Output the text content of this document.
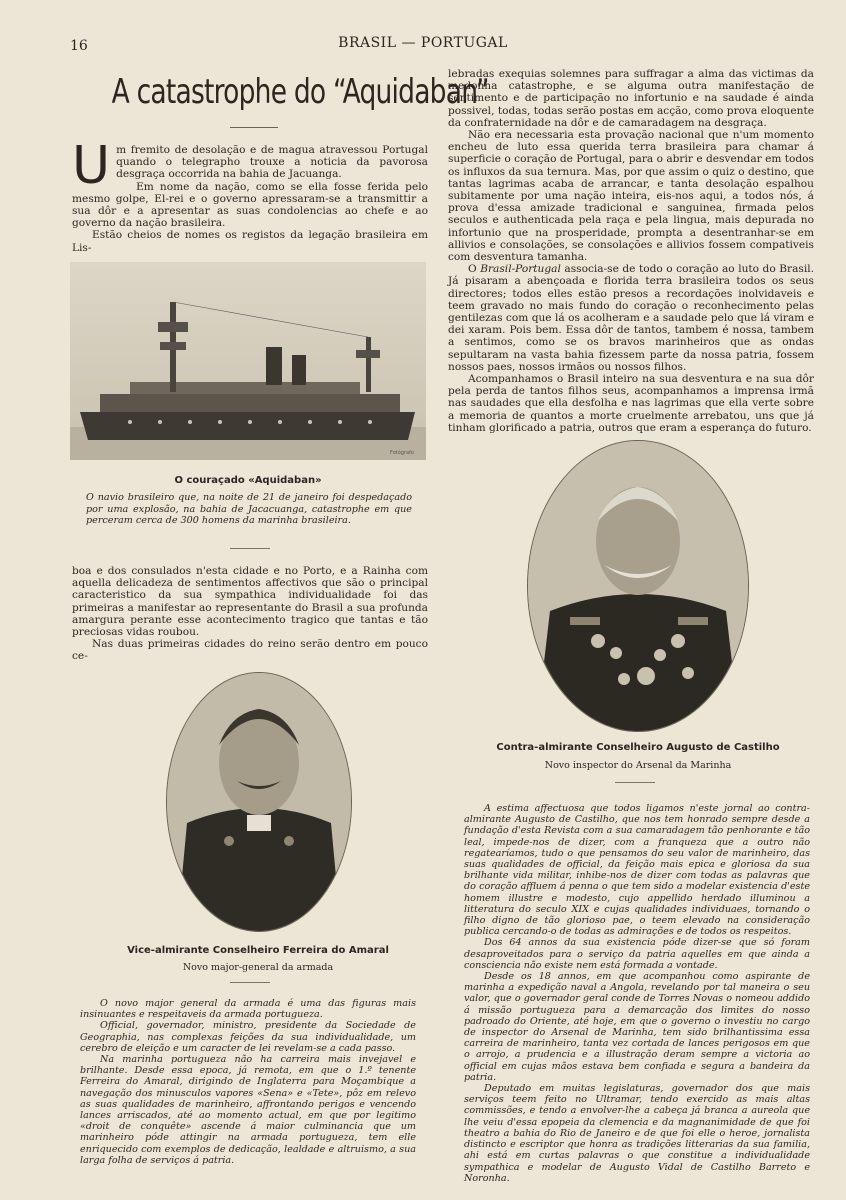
16	BRASIL — PORTUGAL
A catastrophe do “Aquidaban”

Um fremito de desolação e de magua atravessou Portugal quando o telegrapho trouxe a noticia da pavorosa desgraça occorrida na bahia de Jacuanga.

Em nome da nação, como se ella fosse ferida pelo mesmo golpe, El-rei e o governo apressaram-se a transmittir a sua dôr e a apresentar as suas condolencias ao chefe e ao governo da nação brasileira.

Estão cheios de nomes os registos da legação brasileira em Lis-

Fotógrafo
O couraçado «Aquidaban»
O navio brasileiro que, na noite de 21 de janeiro foi despedaçado por uma explosão, na bahia de Jacacuanga, catastrophe em que perceram cerca de 300 homens da marinha brasileira.

boa e dos consulados n'esta cidade e no Porto, e a Rainha com aquella delicadeza de sentimentos affectivos que são o principal caracteristico da sua sympathica individualidade foi das primeiras a manifestar ao representante do Brasil a sua profunda amargura perante esse acontecimento tragico que tantas e tão preciosas vidas roubou.

Nas duas primeiras cidades do reino serão dentro em pouco ce-

Vice-almirante Conselheiro Ferreira do Amaral
Novo major-general da armada

O novo major general da armada é uma das figuras mais insinuantes e respeitaveis da armada portugueza.

Official, governador, ministro, presidente da Sociedade de Geographia, nas complexas feições da sua individualidade, um cerebro de eleição e um caracter de lei revelam-se a cada passo.

Na marinha portugueza não ha carreira mais invejavel e brilhante. Desde essa epoca, já remota, em que o 1.º tenente Ferreira do Amaral, dirigindo de Inglaterra para Moçambique a navegação dos minusculos vapores «Sena» e «Tete», pôz em relevo as suas qualidades de marinheiro, affrontando perigos e vencendo lances arriscados, até ao momento actual, em que por legitimo «droit de conquête» ascende á maior culminancia que um marinheiro póde attingir na armada portugueza, tem elle enriquecido com exemplos de dedicação, lealdade e altruismo, a sua larga folha de serviços á patria.

lebradas exequias solemnes para suffragar a alma das victimas da medonha catastrophe, e se alguma outra manifestação de sentimento e de participação no infortunio e na saudade é ainda possivel, todas, todas serão postas em acção, como prova eloquente da confraternidade na dôr e de camaradagem na desgraça.

Não era necessaria esta provação nacional que n'um momento encheu de luto essa querida terra brasileira para chamar á superficie o coração de Portugal, para o abrir e desvendar em todos os influxos da sua ternura. Mas, por que assim o quiz o destino, que tantas lagrimas acaba de arrancar, e tanta desolação espalhou subitamente por uma nação inteira, eis-nos aqui, a todos nós, á prova d'essa amizade tradicional e sanguinea, firmada pelos seculos e authenticada pela raça e pela lingua, mais depurada no infortunio que na prosperidade, prompta a desentranhar-se em allivios e consolações, se consolações e allivios fossem compativeis com desventura tamanha.

O Brasil-Portugal associa-se de todo o coração ao luto do Brasil. Já pisaram a abençoada e florida terra brasileira todos os seus directores; todos elles estão presos a recordações inolvidaveis e teem gravado no mais fundo do coração o reconhecimento pelas gentilezas com que lá os acolheram e a saudade pelo que lá viram e dei xaram. Pois bem. Essa dôr de tantos, tambem é nossa, tambem a sentimos, como se os bravos marinheiros que as ondas sepultaram na vasta bahia fizessem parte da nossa patria, fossem nossos paes, nossos irmãos ou nossos filhos.

Acompanhamos o Brasil inteiro na sua desventura e na sua dôr pela perda de tantos filhos seus, acompanhamos a imprensa irmã nas saudades que ella desfolha e nas lagrimas que ella verte sobre a memoria de quantos a morte cruelmente arrebatou, uns que já tinham glorificado a patria, outros que eram a esperança do futuro.

Contra-almirante Conselheiro Augusto de Castilho
Novo inspector do Arsenal da Marinha

A estima affectuosa que todos ligamos n'este jornal ao contra-almirante Augusto de Castilho, que nos tem honrado sempre desde a fundação d'esta Revista com a sua camaradagem tão penhorante e tão leal, impede-nos de dizer, com a franqueza que a outro não regatearíamos, tudo o que pensamos do seu valor de marinheiro, das suas qualidades de official, da feição mais epica e gloriosa da sua brilhante vida militar, inhibe-nos de dizer com todas as palavras que do coração affluem á penna o que tem sido a modelar existencia d'este homem illustre e modesto, cujo appellido herdado illuminou a litteratura do seculo XIX e cujas qualidades individuaes, tornando o filho digno de tão glorioso pae, o teem elevado na consideração publica cercando-o de todas as admirações e de todos os respeitos.

Dos 64 annos da sua existencia póde dizer-se que só foram desaproveitados para o serviço da patria aquelles em que ainda a consciencia não existe nem está formada a vontade.

Desde os 18 annos, em que acompanhou como aspirante de marinha a expedição naval a Angola, revelando por tal maneira o seu valor, que o governador geral conde de Torres Novas o nomeou addido á missão portugueza para a demarcação dos limites do nosso padroado do Oriente, até hoje, em que o governo o investiu no cargo de inspector do Arsenal de Marinha, tem sido brilhantissima essa carreira de marinheiro, tanta vez cortada de lances perigosos em que o arrojo, a prudencia e a illustração deram sempre a victoria ao official em cujas mãos estava bem confiada e segura a bandeira da patria.

Deputado em muitas legislaturas, governador dos que mais serviços teem feito no Ultramar, tendo exercido as mais altas commissões, e tendo a envolver-lhe a cabeça já branca a aureola que lhe veiu d'essa epopeia da clemencia e da magnanimidade de que foi theatro a bahia do Rio de Janeiro e de que foi elle o heroe, jornalista distincto e escriptor que honra as tradições litterarias da sua familia, ahi está em curtas palavras o que constitue a individualidade sympathica e modelar de Augusto Vidal de Castilho Barreto e Noronha.
